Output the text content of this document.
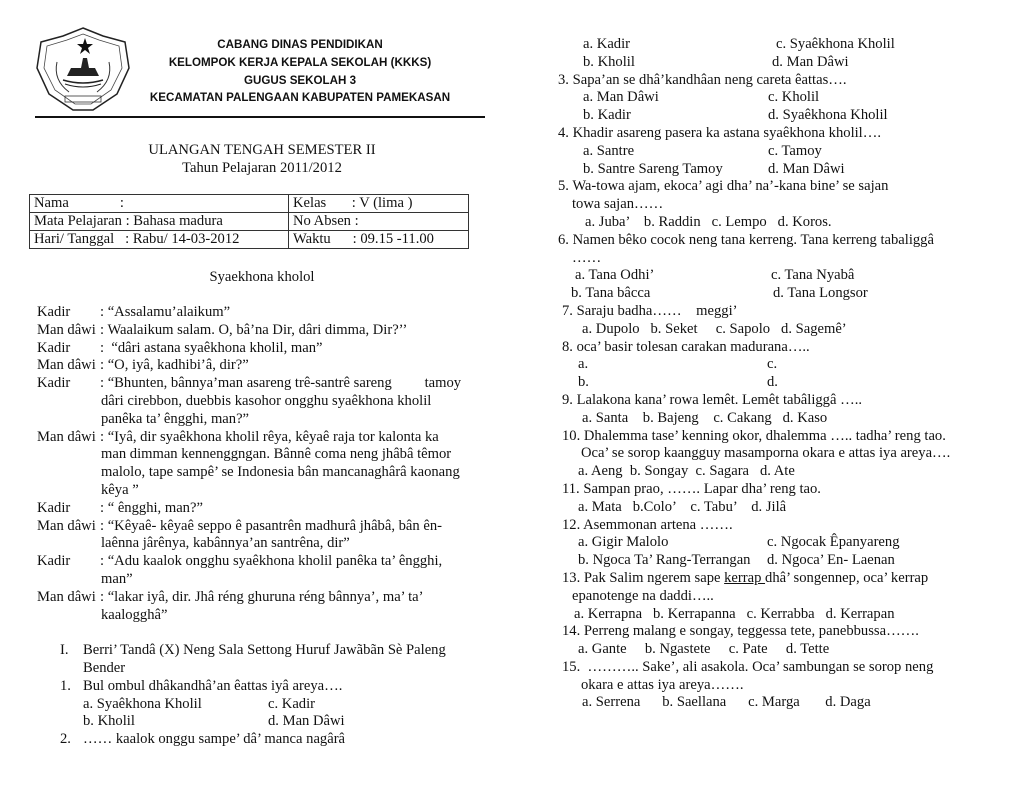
CABANG DINAS PENDIDIKAN
KELOMPOK KERJA KEPALA SEKOLAH (KKKS)
GUGUS SEKOLAH 3
KECAMATAN PALENGAAN KABUPATEN PAMEKASAN
ULANGAN TENGAH SEMESTER II
Tahun Pelajaran 2011/2012
Nama              :	Kelas       : V (lima )
Mata Pelajaran : Bahasa madura	No Absen :
Hari/ Tanggal   : Rabu/ 14-03-2012	Waktu      : 09.15 -11.00
Syaekhona kholol
Kadir	: “Assalamu’alaikum”
Man dâwi : Waalaikum salam. O, bâ’na Dir, dâri dimma, Dir?’’
Kadir	:  “dâri astana syaêkhona kholil, man”
Man dâwi : “O, iyâ, kadhibi’â, dir?”
Kadir	: “Bhunten, bânnya’man asareng trê-santrê sareng         tamoy
dâri cirebbon, duebbis kasohor ongghu syaêkhona kholil
panêka ta’ êngghi, man?”
Man dâwi : “Iyâ, dir syaêkhona kholil rêya, kêyaê raja tor kalonta ka
man dimman kennenggngan. Bânnê coma neng jhâbâ têmor
malolo, tape sampê’ se Indonesia bân mancanaghârâ kaonang
kêya ”
Kadir	: “ êngghi, man?”
Man dâwi : “Kêyaê- kêyaê seppo ê pasantrên madhurâ jhâbâ, bân ên-
laênna jârênya, kabânnya’an santrêna, dir”
Kadir	: “Adu kaalok ongghu syaêkhona kholil panêka ta’ êngghi,
man”
Man dâwi : “lakar iyâ, dir. Jhâ réng ghuruna réng bânnya’, ma’ ta’
kaalogghâ”
I. Berri’ Tandâ (X) Neng Sala Settong Huruf Jawãbãn Sè Paleng
Bender
1. Bul ombul dhâkandhâ’an êattas iyâ areya….
a. Syaêkhona Kholil	c. Kadir
b. Kholil	d. Man Dâwi
2. …… kaalok onggu sampe’ dâ’ manca nagârâ
a. Kadir	c. Syaêkhona Kholil
b. Kholil	d. Man Dâwi
3. Sapa’an se dhâ’kandhâan neng careta êattas….
a. Man Dâwi	c. Kholil
b. Kadir	d. Syaêkhona Kholil
4. Khadir asareng pasera ka astana syaêkhona kholil….
a. Santre	c. Tamoy
b. Santre Sareng Tamoy	d. Man Dâwi
5. Wa-towa ajam, ekoca’ agi dha’ na’-kana bine’ se sajan
towa sajan……
a. Juba’    b. Raddin   c. Lempo   d. Koros.
6. Namen bêko cocok neng tana kerreng. Tana kerreng tabaliggâ
……
a. Tana Odhi’	c. Tana Nyabâ
b. Tana bâcca	d. Tana Longsor
7. Saraju badha……    meggi’
a. Dupolo   b. Seket     c. Sapolo   d. Sagemê’
8. oca’ basir tolesan carakan madurana…..
a.	c.
b.	d.
9. Lalakona kana’ rowa lemêt. Lemêt tabâliggâ …..
a. Santa    b. Bajeng    c. Cakang   d. Kaso
10. Dhalemma tase’ kenning okor, dhalemma ….. tadha’ reng tao.
Oca’ se sorop kaangguy masamporna okara e attas iya areya….
a. Aeng  b. Songay  c. Sagara   d. Ate
11. Sampan prao, ……. Lapar dha’ reng tao.
a. Mata   b.Colo’    c. Tabu’    d. Jilâ
12. Asemmonan artena …….
a. Gigir Malolo	c. Ngocak Êpanyareng
b. Ngoca Ta’ Rang-Terrangan	d. Ngoca’ En- Laenan
13. Pak Salim ngerem sape kerrap dhâ’ songennep, oca’ kerrap
epanotenge na daddi…..
a. Kerrapna   b. Kerrapanna   c. Kerrabba   d. Kerrapan
14. Perreng malang e songay, teggessa tete, panebbussa…….
a. Gante     b. Ngastete     c. Pate     d. Tette
15.  ……….. Sake’, ali asakola. Oca’ sambungan se sorop neng
okara e attas iya areya…….
a. Serrena      b. Saellana      c. Marga       d. Daga
